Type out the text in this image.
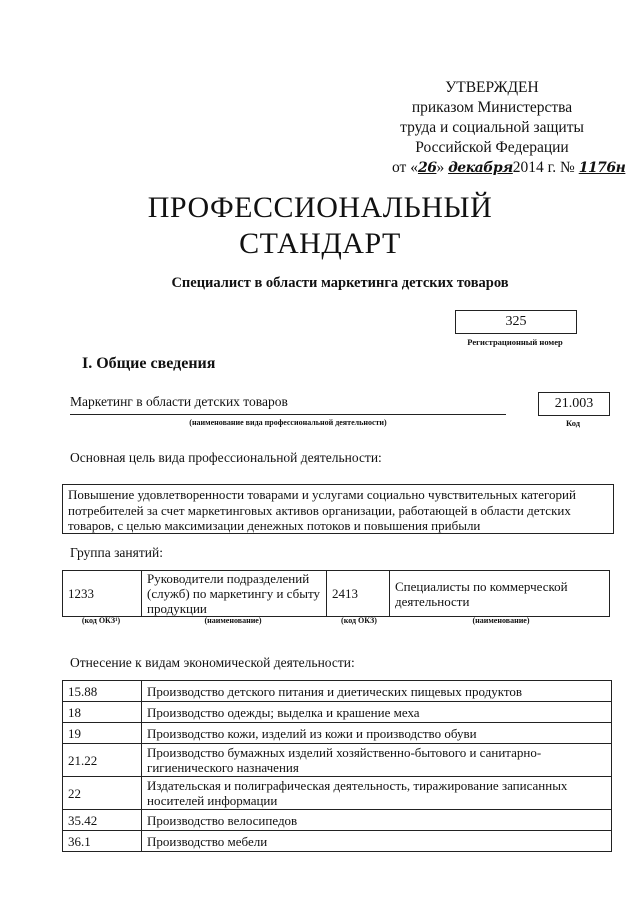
УТВЕРЖДЕН
приказом Министерства
труда и социальной защиты
Российской Федерации
от «26» декабря2014 г. № 1176н
ПРОФЕССИОНАЛЬНЫЙ
СТАНДАРТ
Специалист в области маркетинга детских товаров
325
Регистрационный номер
I. Общие сведения
Маркетинг в области детских товаров
(наименование вида профессиональной деятельности)
21.003
Код
Основная цель вида профессиональной деятельности:
Повышение удовлетворенности товарами и услугами социально чувствительных категорий потребителей за счет маркетинговых активов организации, работающей в области детских товаров, с целью максимизации денежных потоков и повышения прибыли
Группа занятий:
1233	Руководители подразделений (служб) по маркетингу и сбыту продукции	2413	Специалисты по коммерческой деятельности
(код ОКЗ¹)	(наименование)	(код ОКЗ)	(наименование)
Отнесение к видам экономической деятельности:
15.88	Производство детского питания и диетических пищевых продуктов
18	Производство одежды; выделка и крашение меха
19	Производство кожи, изделий из кожи и производство обуви
21.22	Производство бумажных изделий хозяйственно-бытового и санитарно-гигиенического назначения
22	Издательская и полиграфическая деятельность, тиражирование записанных носителей информации
35.42	Производство велосипедов
36.1	Производство мебели
